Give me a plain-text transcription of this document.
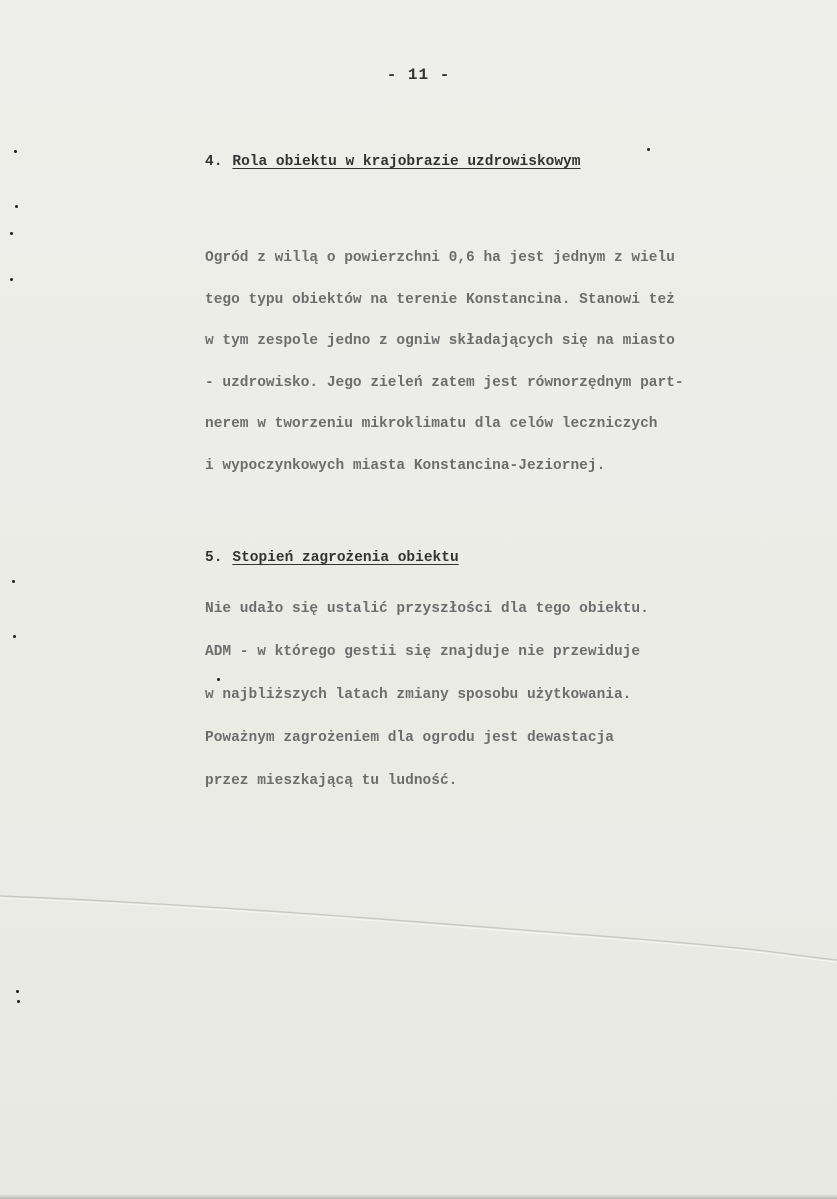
- 11 -
4. Rola obiektu w krajobrazie uzdrowiskowym
Ogród z willą o powierzchni 0,6 ha jest jednym z wielu
tego typu obiektów na terenie Konstancina. Stanowi też
w tym zespole jedno z ogniw składających się na miasto
- uzdrowisko. Jego zieleń zatem jest równorzędnym part-
nerem w tworzeniu mikroklimatu dla celów leczniczych
i wypoczynkowych miasta Konstancina-Jeziornej.
5. Stopień zagrożenia obiektu
Nie udało się ustalić przyszłości dla tego obiektu.
ADM - w którego gestii się znajduje nie przewiduje
w najbliższych latach zmiany sposobu użytkowania.
Poważnym zagrożeniem dla ogrodu jest dewastacja
przez mieszkającą tu ludność.
